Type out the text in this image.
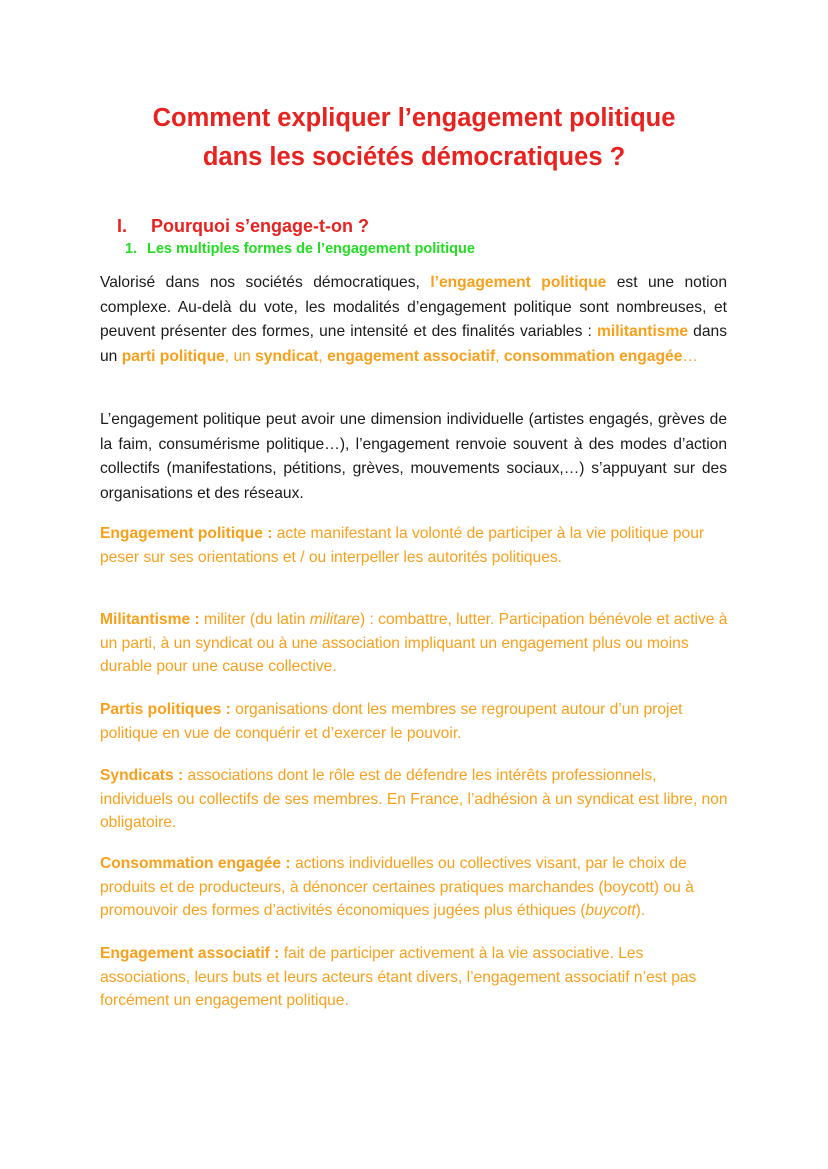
Comment expliquer l’engagement politique
dans les sociétés démocratiques ?
I. Pourquoi s’engage-t-on ?
1. Les multiples formes de l’engagement politique

Valorisé dans nos sociétés démocratiques, l’engagement politique est une notion complexe. Au-delà du vote, les modalités d’engagement politique sont nombreuses, et peuvent présenter des formes, une intensité et des finalités variables : militantisme dans un parti politique, un syndicat, engagement associatif, consommation engagée…

L’engagement politique peut avoir une dimension individuelle (artistes engagés, grèves de la faim, consumérisme politique…), l’engagement renvoie souvent à des modes d’action collectifs (manifestations, pétitions, grèves, mouvements sociaux,…) s’appuyant sur des organisations et des réseaux.

Engagement politique : acte manifestant la volonté de participer à la vie politique pour peser sur ses orientations et / ou interpeller les autorités politiques.

Militantisme : militer (du latin militare) : combattre, lutter. Participation bénévole et active à un parti, à un syndicat ou à une association impliquant un engagement plus ou moins durable pour une cause collective.

Partis politiques : organisations dont les membres se regroupent autour d’un projet politique en vue de conquérir et d’exercer le pouvoir.

Syndicats : associations dont le rôle est de défendre les intérêts professionnels, individuels ou collectifs de ses membres. En France, l’adhésion à un syndicat est libre, non obligatoire.

Consommation engagée : actions individuelles ou collectives visant, par le choix de produits et de producteurs, à dénoncer certaines pratiques marchandes (boycott) ou à promouvoir des formes d’activités économiques jugées plus éthiques (buycott).

Engagement associatif : fait de participer activement à la vie associative. Les associations, leurs buts et leurs acteurs étant divers, l’engagement associatif n’est pas forcément un engagement politique.
